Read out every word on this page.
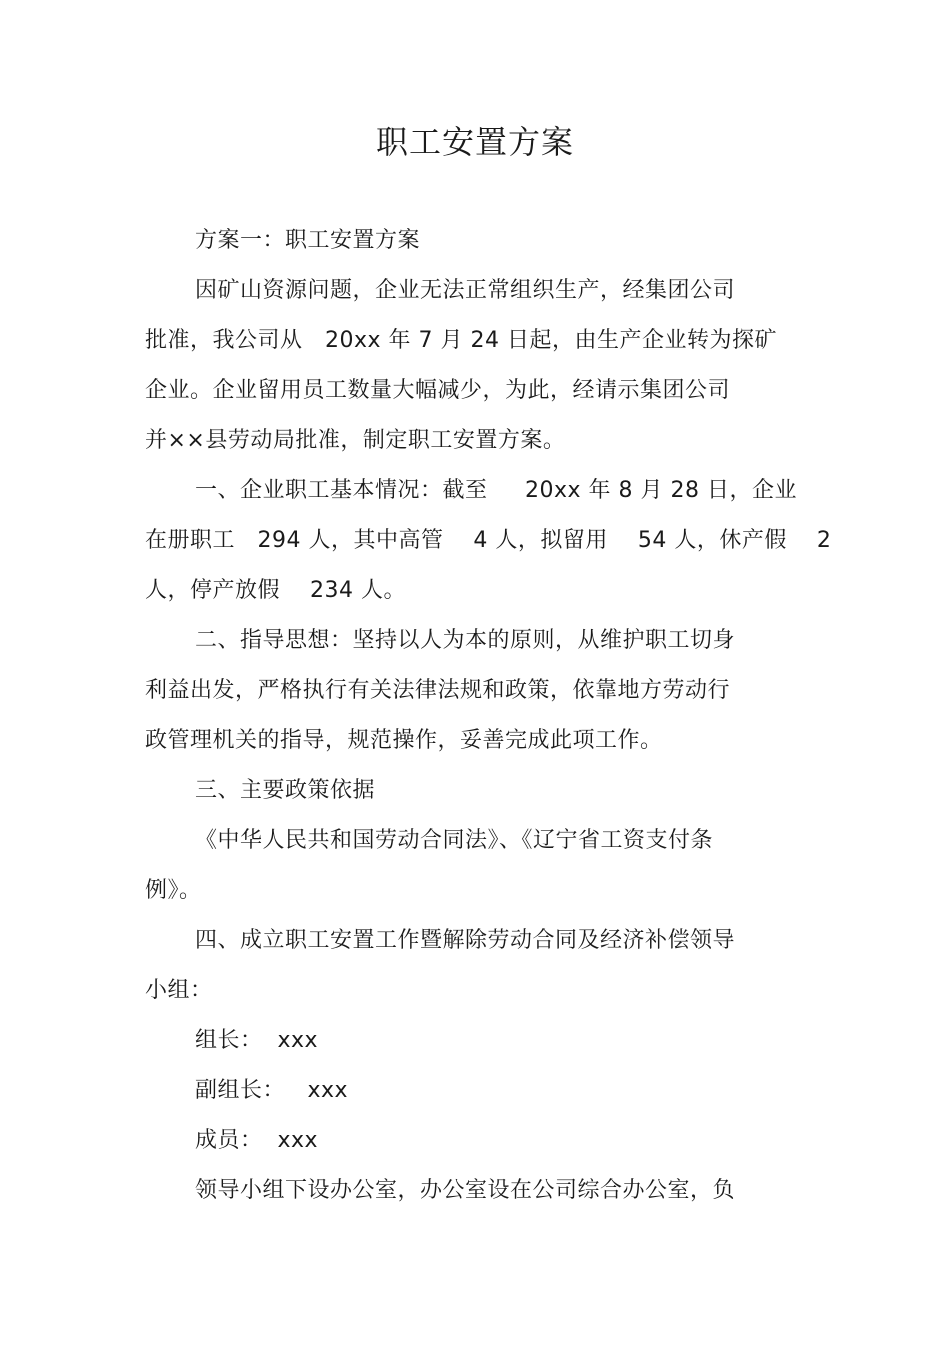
职工安置方案
方案一：职工安置方案
因矿山资源问题，企业无法正常组织生产，经集团公司
批准，我公司从   20xx 年 7 月 24 日起，由生产企业转为探矿
企业。企业留用员工数量大幅减少，为此，经请示集团公司
并××县劳动局批准，制定职工安置方案。
一、企业职工基本情况：截至     20xx 年 8 月 28 日，企业
在册职工   294 人，其中高管    4 人，拟留用    54 人，休产假    2
人，停产放假    234 人。
二、指导思想：坚持以人为本的原则，从维护职工切身
利益出发，严格执行有关法律法规和政策，依靠地方劳动行
政管理机关的指导，规范操作，妥善完成此项工作。
三、主要政策依据
《中华人民共和国劳动合同法》、《辽宁省工资支付条
例》。
四、成立职工安置工作暨解除劳动合同及经济补偿领导
小组：
组长：  xxx
副组长：   xxx
成员：  xxx
领导小组下设办公室，办公室设在公司综合办公室，负
